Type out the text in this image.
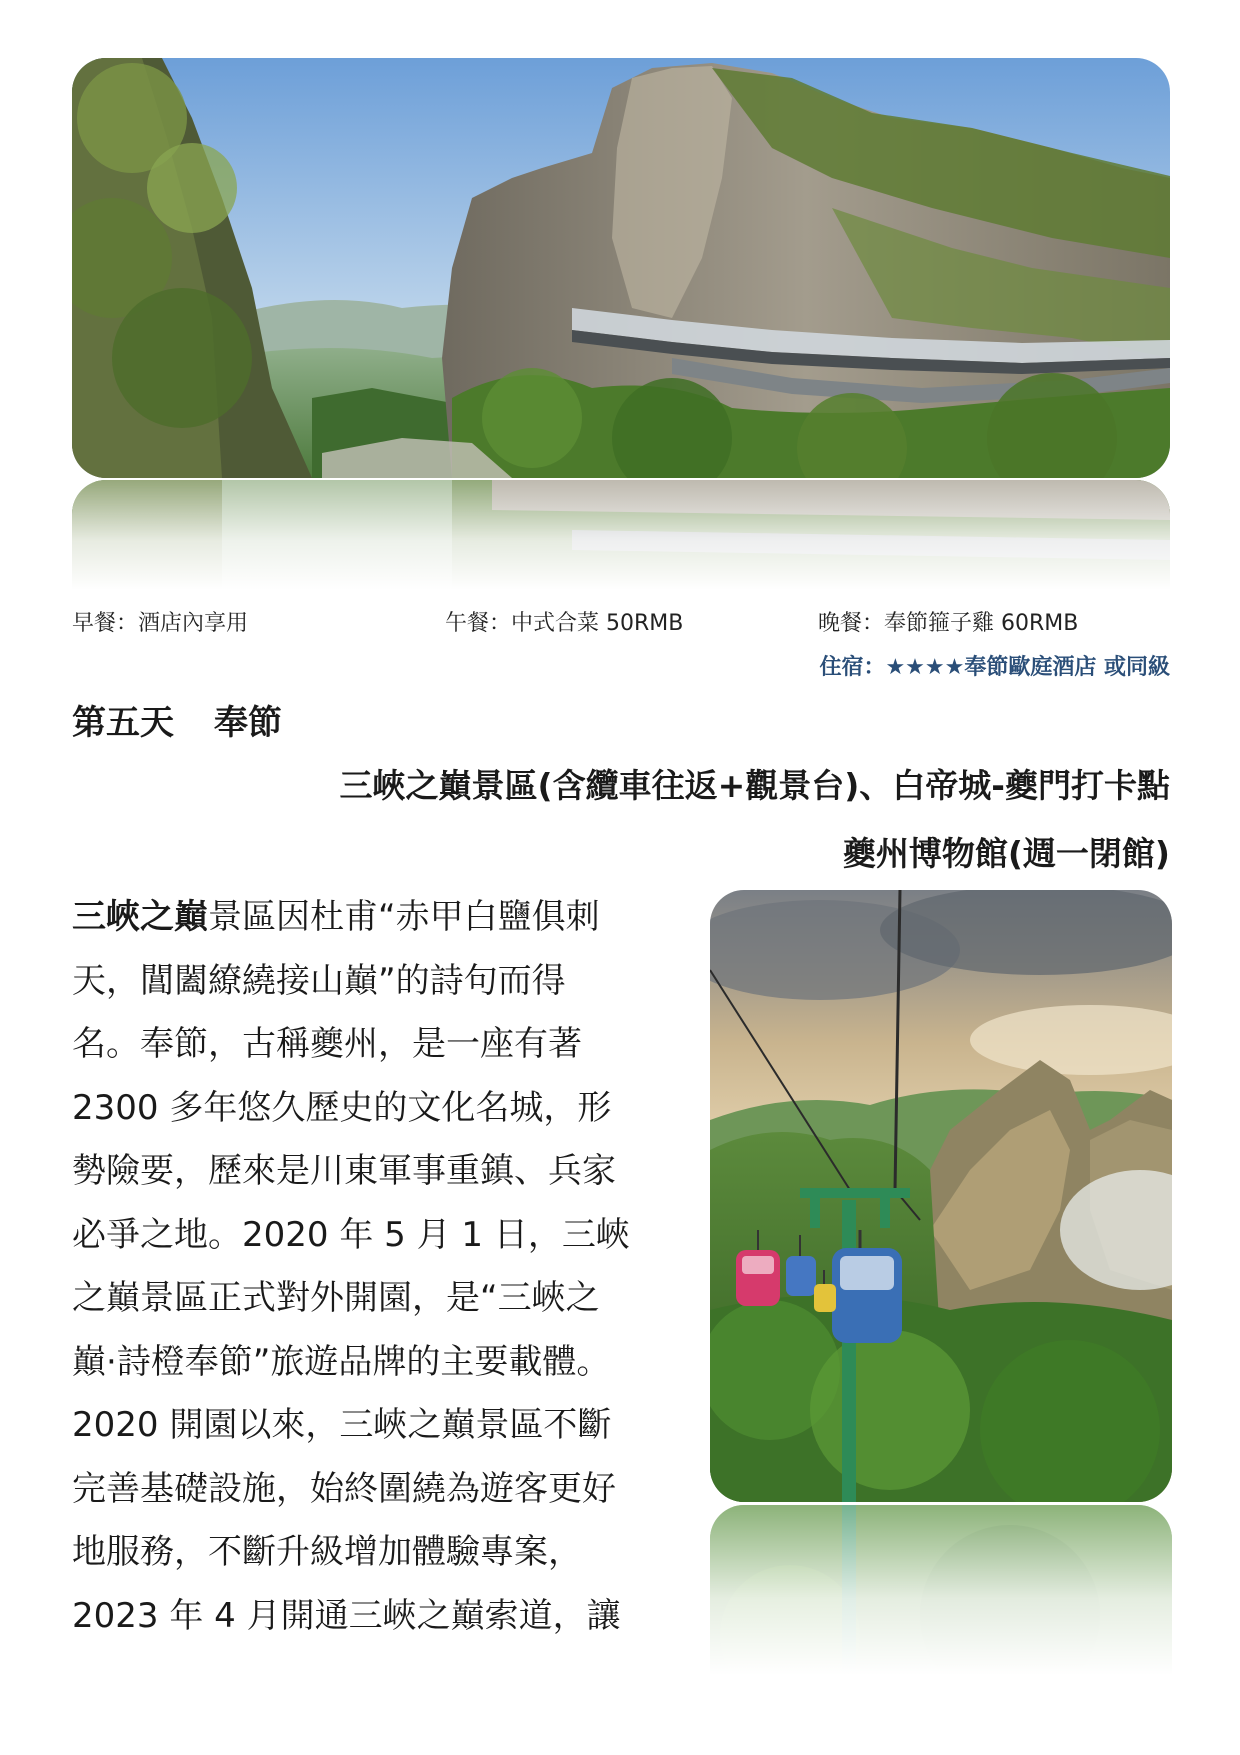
早餐：酒店內享用	午餐：中式合菜 50RMB	晚餐：奉節箍子雞 60RMB
住宿：★★★★奉節歐庭酒店 或同級
第五天 奉節
三峽之巔景區(含纜車往返+觀景台)、白帝城-夔門打卡點
夔州博物館(週一閉館)
三峽之巔景區因杜甫“赤甲白鹽俱刺
天，閶闔繚繞接山巔”的詩句而得
名。奉節，古稱夔州，是一座有著
2300 多年悠久歷史的文化名城，形
勢險要，歷來是川東軍事重鎮、兵家
必爭之地。2020 年 5 月 1 日，三峽
之巔景區正式對外開園，是“三峽之
巔·詩橙奉節”旅遊品牌的主要載體。
2020 開園以來，三峽之巔景區不斷
完善基礎設施，始終圍繞為遊客更好
地服務，不斷升級增加體驗專案，
2023 年 4 月開通三峽之巔索道，讓
